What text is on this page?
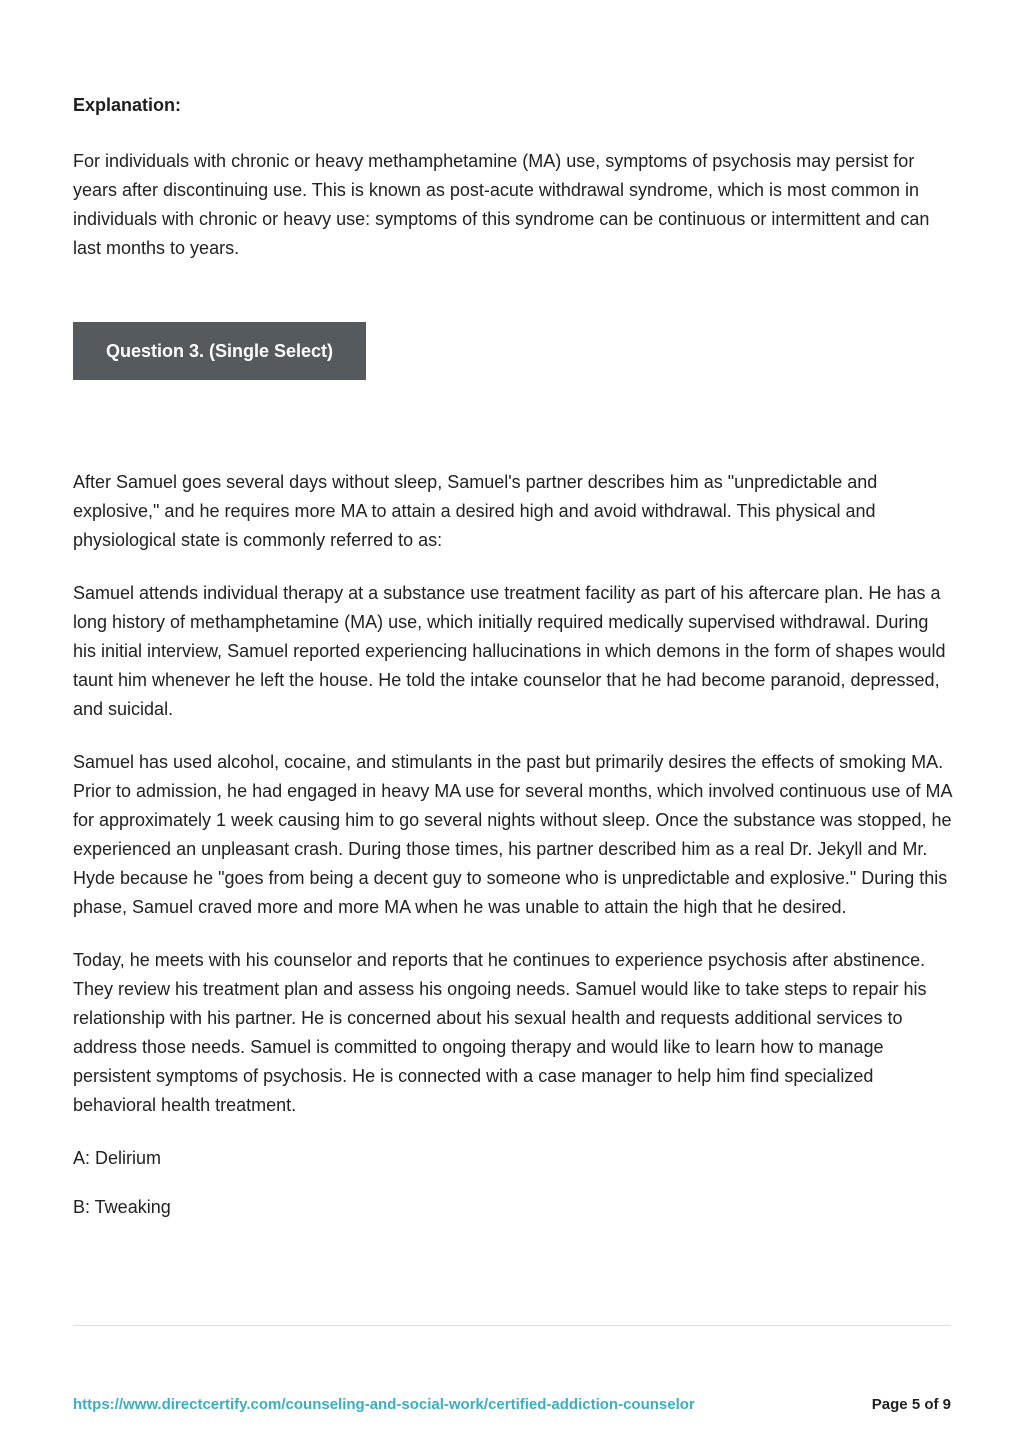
Explanation:

For individuals with chronic or heavy methamphetamine (MA) use, symptoms of psychosis may persist for years after discontinuing use. This is known as post-acute withdrawal syndrome, which is most common in individuals with chronic or heavy use: symptoms of this syndrome can be continuous or intermittent and can last months to years.

Question 3. (Single Select)

After Samuel goes several days without sleep, Samuel's partner describes him as "unpredictable and explosive," and he requires more MA to attain a desired high and avoid withdrawal. This physical and physiological state is commonly referred to as:

Samuel attends individual therapy at a substance use treatment facility as part of his aftercare plan. He has a long history of methamphetamine (MA) use, which initially required medically supervised withdrawal. During his initial interview, Samuel reported experiencing hallucinations in which demons in the form of shapes would taunt him whenever he left the house. He told the intake counselor that he had become paranoid, depressed, and suicidal.

Samuel has used alcohol, cocaine, and stimulants in the past but primarily desires the effects of smoking MA. Prior to admission, he had engaged in heavy MA use for several months, which involved continuous use of MA for approximately 1 week causing him to go several nights without sleep. Once the substance was stopped, he experienced an unpleasant crash. During those times, his partner described him as a real Dr. Jekyll and Mr. Hyde because he "goes from being a decent guy to someone who is unpredictable and explosive." During this phase, Samuel craved more and more MA when he was unable to attain the high that he desired.

Today, he meets with his counselor and reports that he continues to experience psychosis after abstinence. They review his treatment plan and assess his ongoing needs. Samuel would like to take steps to repair his relationship with his partner. He is concerned about his sexual health and requests additional services to address those needs. Samuel is committed to ongoing therapy and would like to learn how to manage persistent symptoms of psychosis. He is connected with a case manager to help him find specialized behavioral health treatment.

A: Delirium

B: Tweaking

https://www.directcertify.com/counseling-and-social-work/certified-addiction-counselor	Page 5 of 9
